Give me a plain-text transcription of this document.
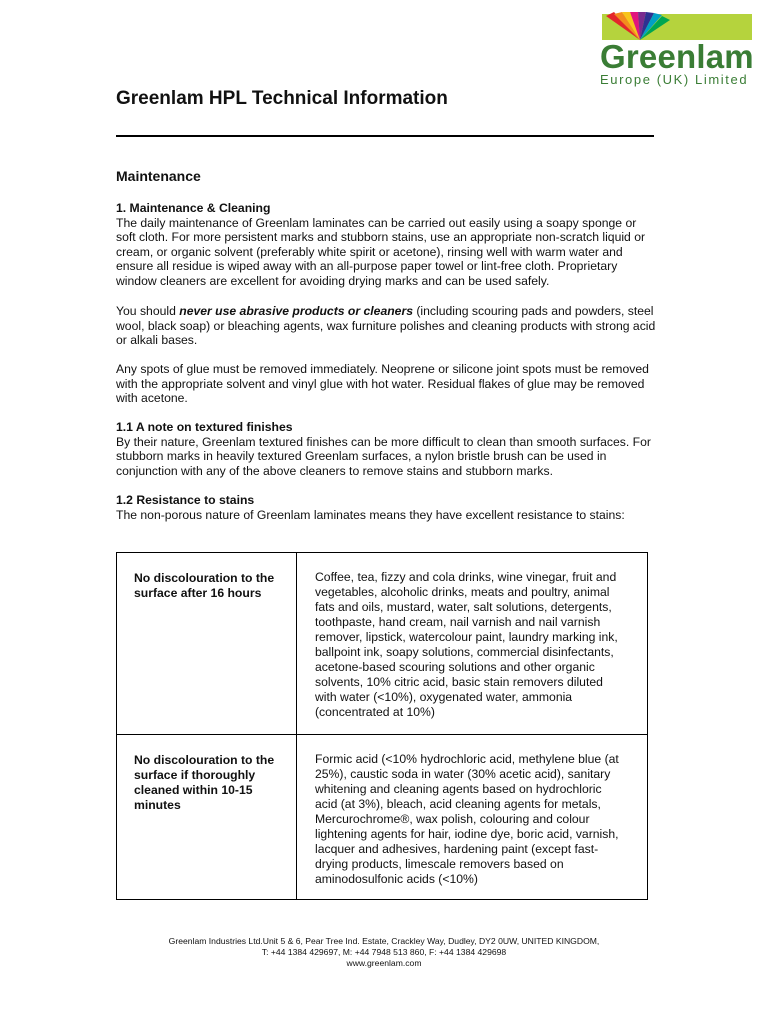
Greenlam
Europe (UK) Limited
Greenlam HPL Technical Information
Maintenance
1. Maintenance & Cleaning
The daily maintenance of Greenlam laminates can be carried out easily using a soapy sponge or soft cloth. For more persistent marks and stubborn stains, use an appropriate non-scratch liquid or cream, or organic solvent (preferably white spirit or acetone), rinsing well with warm water and ensure all residue is wiped away with an all-purpose paper towel or lint-free cloth. Proprietary window cleaners are excellent for avoiding drying marks and can be used safely.

You should never use abrasive products or cleaners (including scouring pads and powders, steel wool, black soap) or bleaching agents, wax furniture polishes and cleaning products with strong acid or alkali bases.

Any spots of glue must be removed immediately. Neoprene or silicone joint spots must be removed with the appropriate solvent and vinyl glue with hot water. Residual flakes of glue may be removed with acetone.

1.1 A note on textured finishes
By their nature, Greenlam textured finishes can be more difficult to clean than smooth surfaces. For stubborn marks in heavily textured Greenlam surfaces, a nylon bristle brush can be used in conjunction with any of the above cleaners to remove stains and stubborn marks.
1.2 Resistance to stains
The non-porous nature of Greenlam laminates means they have excellent resistance to stains:
No discolouration to the surface after 16 hours	Coffee, tea, fizzy and cola drinks, wine vinegar, fruit and vegetables, alcoholic drinks, meats and poultry, animal fats and oils, mustard, water, salt solutions, detergents, toothpaste, hand cream, nail varnish and nail varnish remover, lipstick, watercolour paint, laundry marking ink, ballpoint ink, soapy solutions, commercial disinfectants, acetone-based scouring solutions and other organic solvents, 10% citric acid, basic stain removers diluted with water (<10%), oxygenated water, ammonia (concentrated at 10%)
No discolouration to the surface if thoroughly cleaned within 10-15 minutes	Formic acid (<10% hydrochloric acid, methylene blue (at 25%), caustic soda in water (30% acetic acid), sanitary whitening and cleaning agents based on hydrochloric acid (at 3%), bleach, acid cleaning agents for metals, Mercurochrome®, wax polish, colouring and colour lightening agents for hair, iodine dye, boric acid, varnish, lacquer and adhesives, hardening paint (except fast-drying products, limescale removers based on aminodosulfonic acids (<10%)
Greenlam Industries Ltd.Unit 5 & 6, Pear Tree Ind. Estate, Crackley Way, Dudley, DY2 0UW, UNITED KINGDOM,
T: +44 1384 429697, M: +44 7948 513 860, F: +44 1384 429698
www.greenlam.com
